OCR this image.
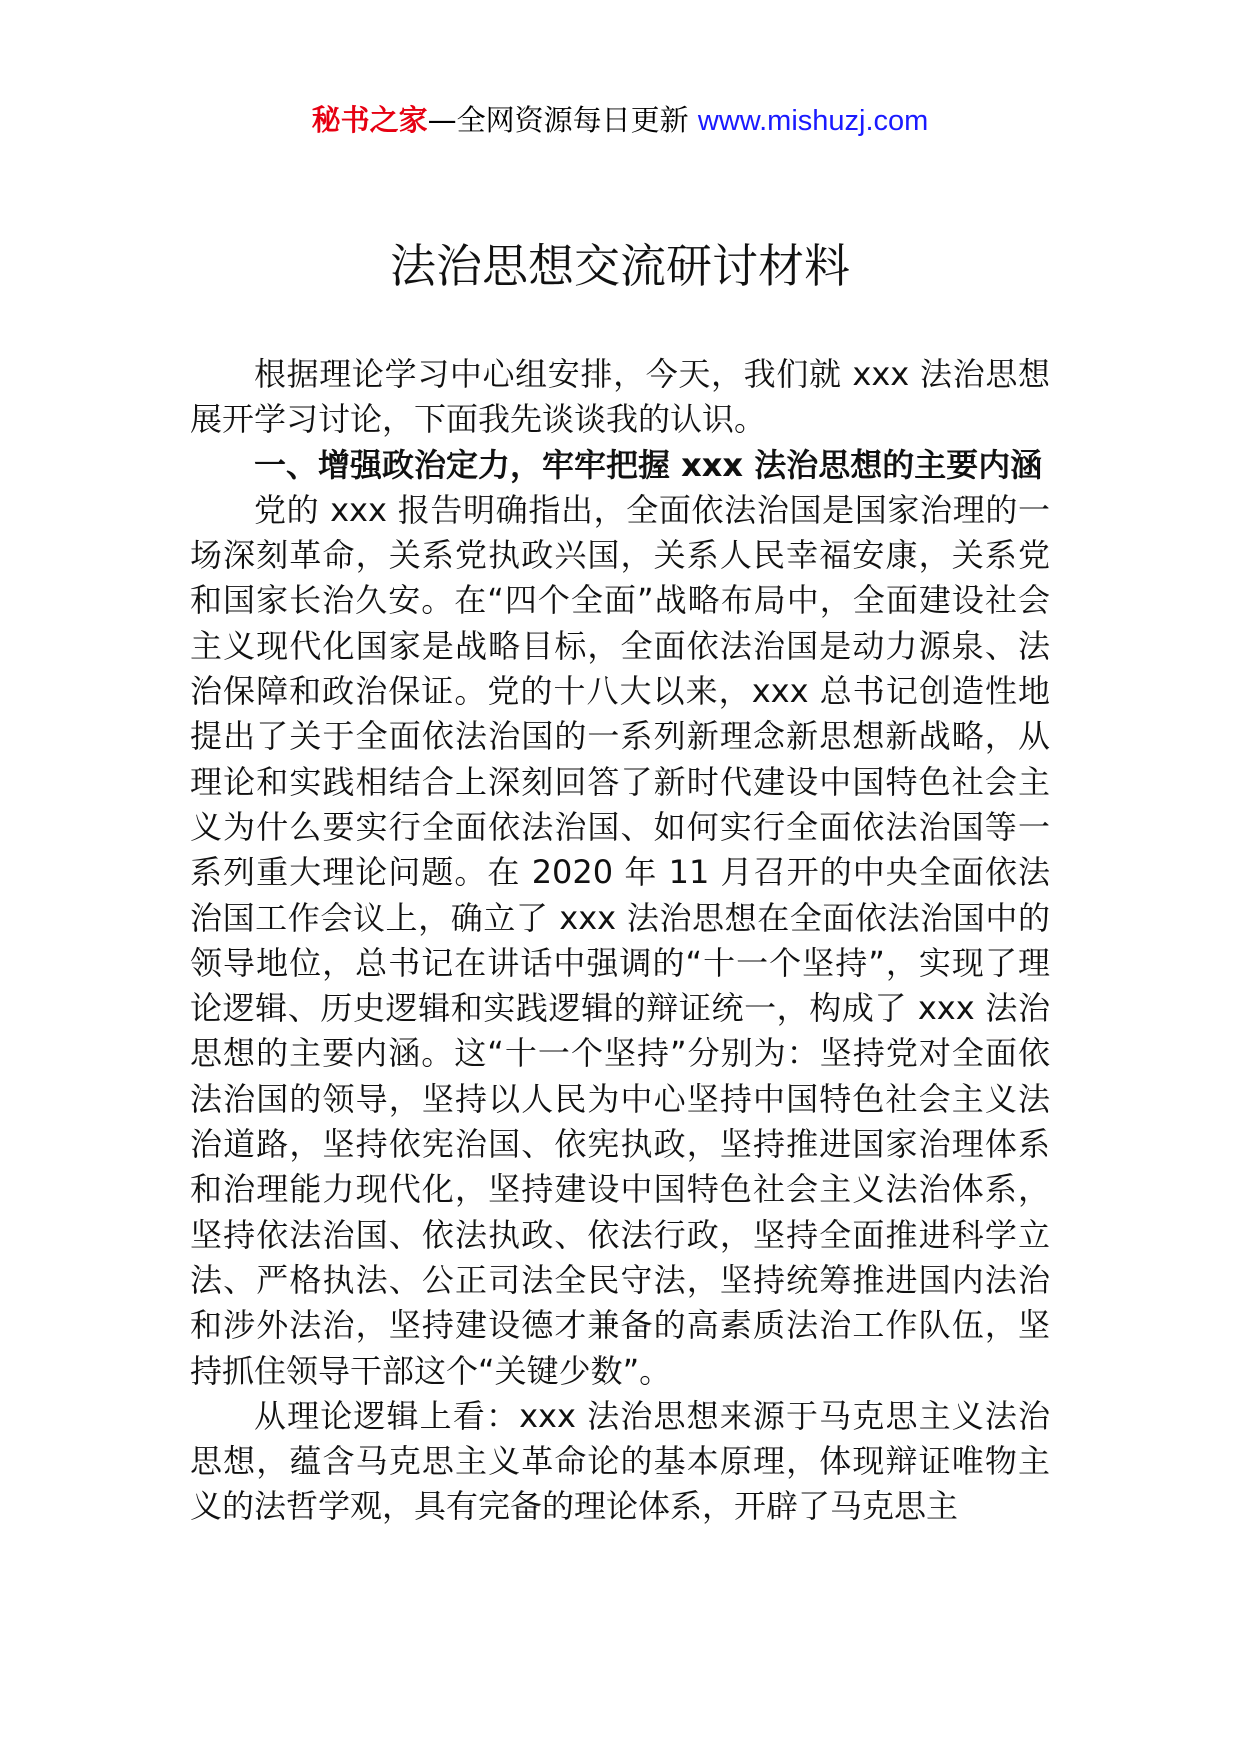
秘书之家—全网资源每日更新 www.mishuzj.com
法治思想交流研讨材料

根据理论学习中心组安排，今天，我们就 xxx 法治思想展开学习讨论，下面我先谈谈我的认识。

一、增强政治定力，牢牢把握 xxx 法治思想的主要内涵

党的 xxx 报告明确指出，全面依法治国是国家治理的一场深刻革命，关系党执政兴国，关系人民幸福安康，关系党和国家长治久安。在“四个全面”战略布局中，全面建设社会主义现代化国家是战略目标，全面依法治国是动力源泉、法治保障和政治保证。党的十八大以来，xxx 总书记创造性地提出了关于全面依法治国的一系列新理念新思想新战略，从理论和实践相结合上深刻回答了新时代建设中国特色社会主义为什么要实行全面依法治国、如何实行全面依法治国等一系列重大理论问题。在 2020 年 11 月召开的中央全面依法治国工作会议上，确立了 xxx 法治思想在全面依法治国中的领导地位，总书记在讲话中强调的“十一个坚持”，实现了理论逻辑、历史逻辑和实践逻辑的辩证统一，构成了 xxx 法治思想的主要内涵。这“十一个坚持”分别为：坚持党对全面依法治国的领导，坚持以人民为中心坚持中国特色社会主义法治道路，坚持依宪治国、依宪执政，坚持推进国家治理体系和治理能力现代化，坚持建设中国特色社会主义法治体系，坚持依法治国、依法执政、依法行政，坚持全面推进科学立法、严格执法、公正司法全民守法，坚持统筹推进国内法治和涉外法治，坚持建设德才兼备的高素质法治工作队伍，坚持抓住领导干部这个“关键少数”。

从理论逻辑上看：xxx 法治思想来源于马克思主义法治思想，蕴含马克思主义革命论的基本原理，体现辩证唯物主义的法哲学观，具有完备的理论体系，开辟了马克思主
